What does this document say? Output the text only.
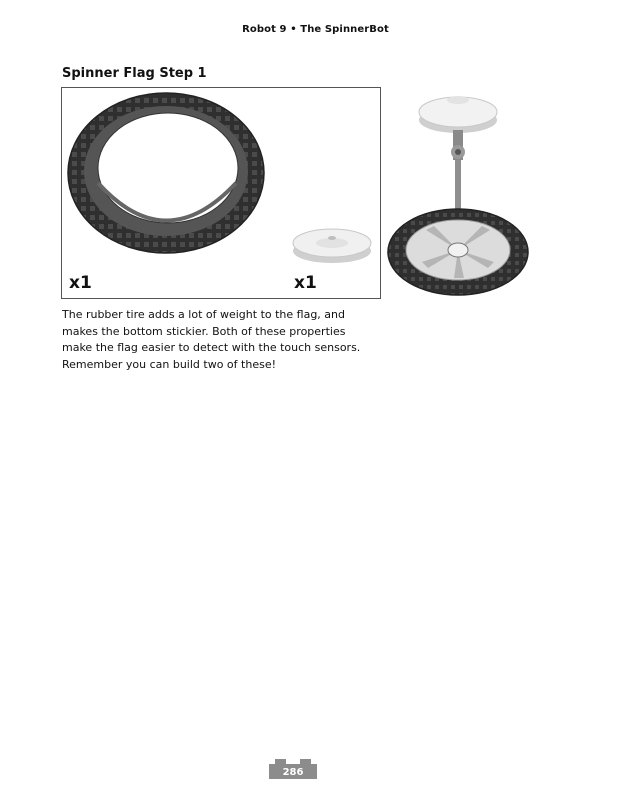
Robot 9 • The SpinnerBot
Spinner Flag Step 1
x1	x1

The rubber tire adds a lot of weight to the flag, and makes the bottom stickier. Both of these properties make the flag easier to detect with the touch sensors. Remember you can build two of these!

286
